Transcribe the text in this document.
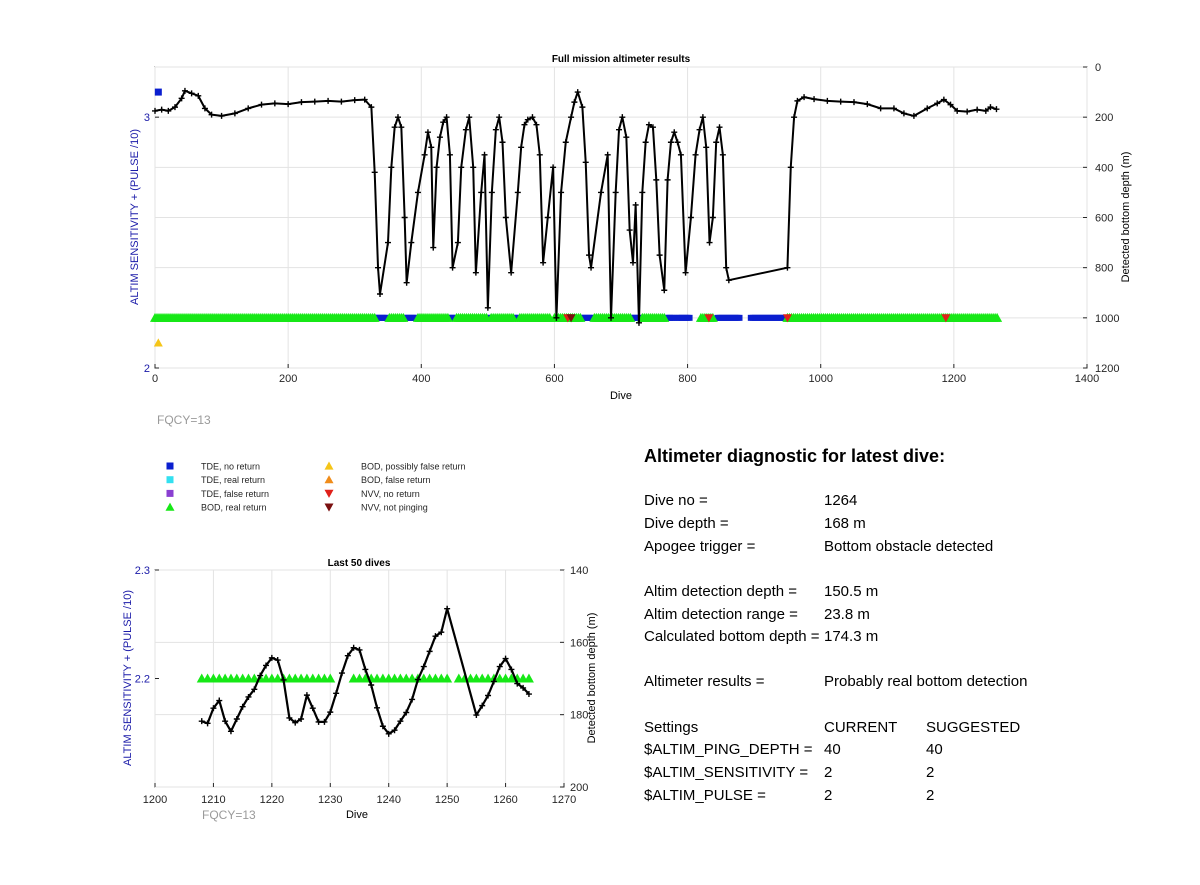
0	200	400	600	800	1000	1200	1400
2
3
0
200
400
600
800
1000
1200
Full mission altimeter results
Dive
ALTIM SENSITIVITY + (PULSE /10)	Detected bottom depth (m)
FQCY=13
TDE, no return
TDE, real return
TDE, false return
BOD, real return
BOD, possibly false return
BOD, false return
NVV, no return
NVV, not pinging
1200	1210	1220	1230	1240	1250	1260	1270
2.2
2.3	140
160
180
200
Last 50 dives
Dive
ALTIM SENSITIVITY + (PULSE /10)	Detected bottom depth (m)
FQCY=13
Altimeter diagnostic for latest dive:
Dive no =	1264
Dive depth =	168 m
Apogee trigger =	Bottom obstacle detected
Altim detection depth = 150.5 m
Altim detection range = 23.8 m
Calculated bottom depth = 174.3 m
Altimeter results =	Probably real bottom detection
Settings	CURRENT SUGGESTED
$ALTIM_PING_DEPTH = 40	40
$ALTIM_SENSITIVITY = 2	2
$ALTIM_PULSE =	2	2
